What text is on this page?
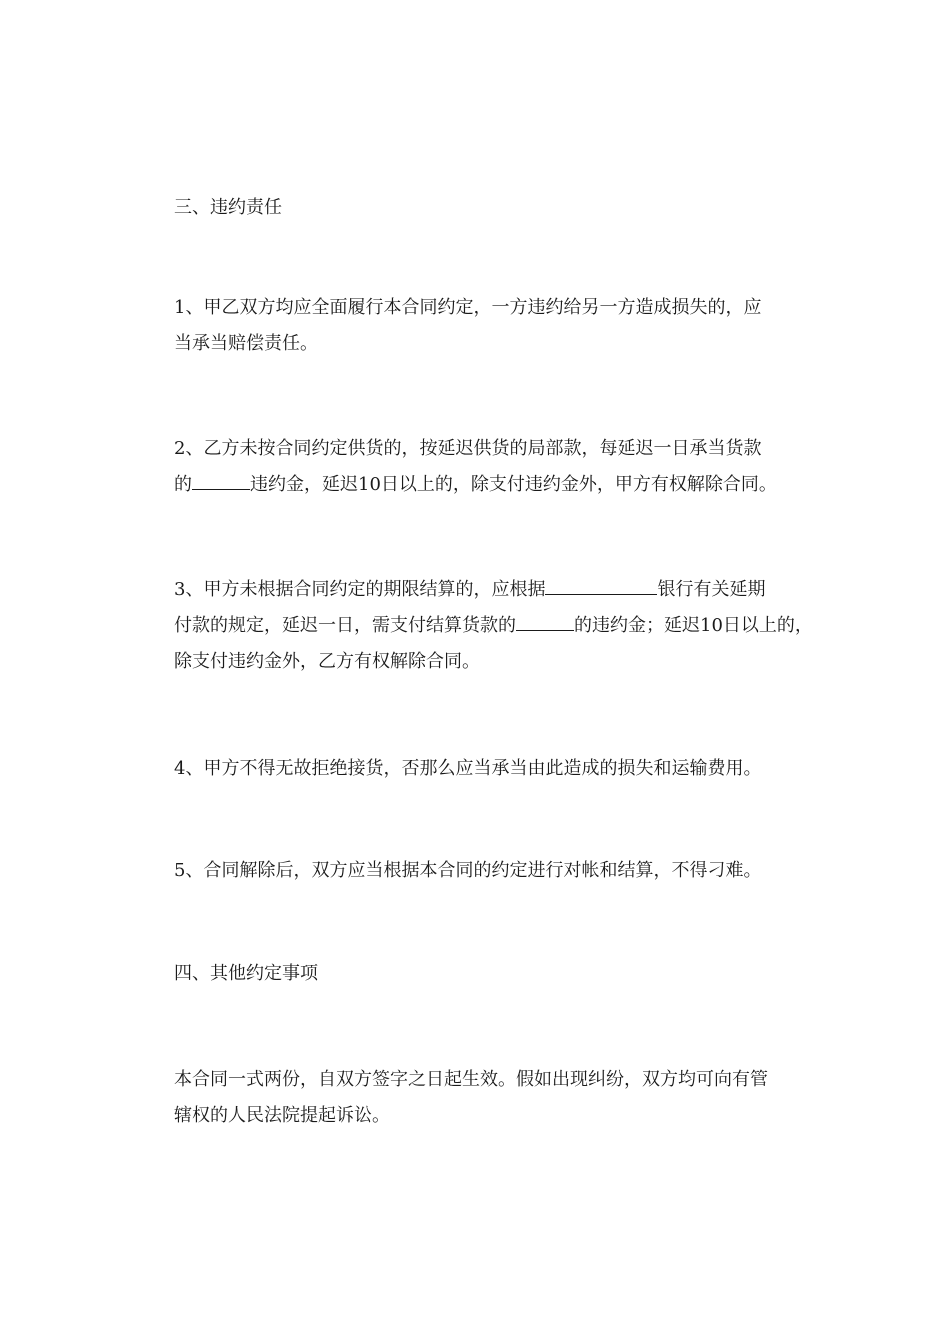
三、违约责任

1、甲乙双方均应全面履行本合同约定，一方违约给另一方造成损失的，应
当承当赔偿责任。

2、乙方未按合同约定供货的，按延迟供货的局部款，每延迟一日承当货款
的	违约金，延迟10日以上的，除支付违约金外，甲方有权解除合同。

3、甲方未根据合同约定的期限结算的，应根据	银行有关延期
付款的规定，延迟一日，需支付结算货款的	的违约金；延迟10日以上的，
除支付违约金外，乙方有权解除合同。

4、甲方不得无故拒绝接货，否那么应当承当由此造成的损失和运输费用。

5、合同解除后，双方应当根据本合同的约定进行对帐和结算，不得刁难。

四、其他约定事项

本合同一式两份，自双方签字之日起生效。假如出现纠纷，双方均可向有管
辖权的人民法院提起诉讼。
